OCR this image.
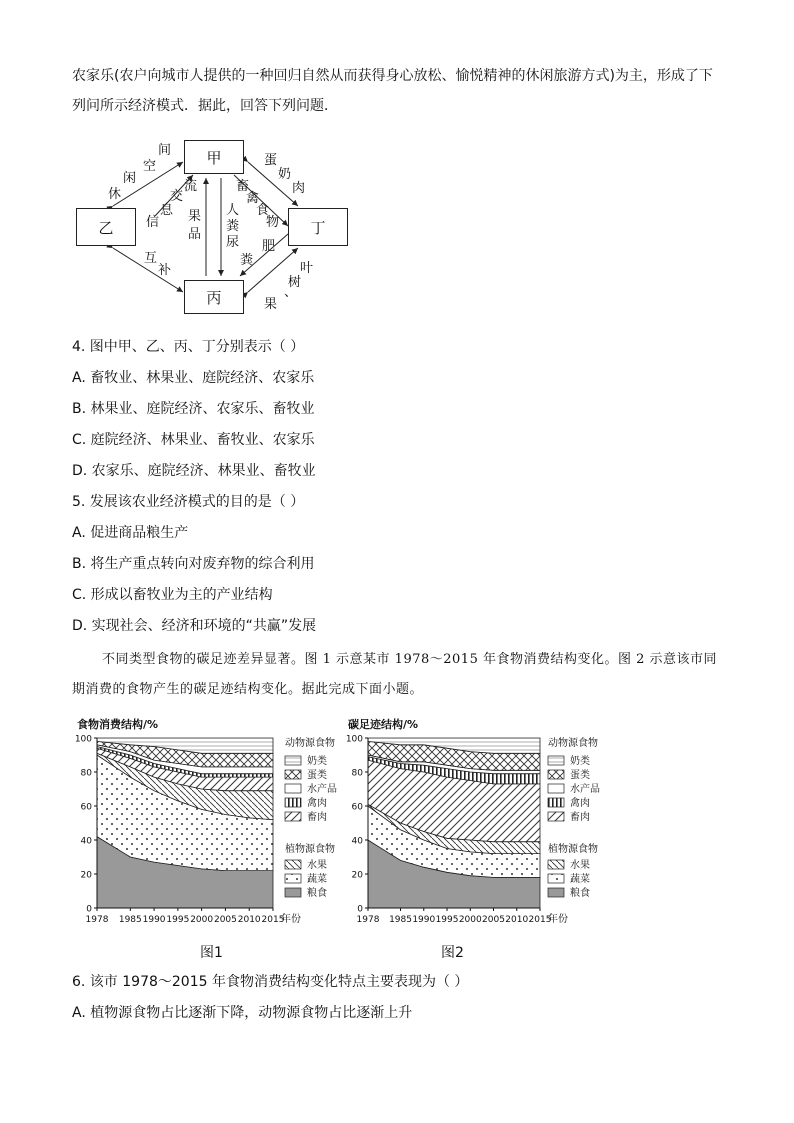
农家乐(农户向城市人提供的一种回归自然从而获得身心放松、愉悦精神的休闲旅游方式)为主，形成了下
列问所示经济模式．据此，回答下列问题．
甲
乙
丙
丁
休
闲
空
间
蛋
奶
肉
交
流
信
息 果
品
人
粪
尿
畜
禽
食
物
粪
肥
互
补	叶
树
、
果
4. 图中甲、乙、丙、丁分别表示（ ）
A. 畜牧业、林果业、庭院经济、农家乐
B. 林果业、庭院经济、农家乐、畜牧业
C. 庭院经济、林果业、畜牧业、农家乐
D. 农家乐、庭院经济、林果业、畜牧业
5. 发展该农业经济模式的目的是（ ）
A. 促进商品粮生产
B. 将生产重点转向对废弃物的综合利用
C. 形成以畜牧业为主的产业结构
D. 实现社会、经济和环境的“共赢”发展
不同类型食物的碳足迹差异显著。图 1 示意某市 1978～2015 年食物消费结构变化。图 2 示意该市同
期消费的食物产生的碳足迹结构变化。据此完成下面小题。
食物消费结构/%
0
20
40
60
80
100
1978 1985 1990 1995 2000 2005 2010 2015
年份
动物源食物
奶类
蛋类
水产品
禽肉
畜肉
植物源食物
水果
蔬菜
粮食
碳足迹结构/%
0
20
40
60
80
100
1978 1985 1990 1995 2000 2005 2010 2015
年份
动物源食物
奶类
蛋类
水产品
禽肉
畜肉
植物源食物
水果
蔬菜
粮食
图1	图2
6. 该市 1978～2015 年食物消费结构变化特点主要表现为（ ）
A. 植物源食物占比逐渐下降，动物源食物占比逐渐上升
